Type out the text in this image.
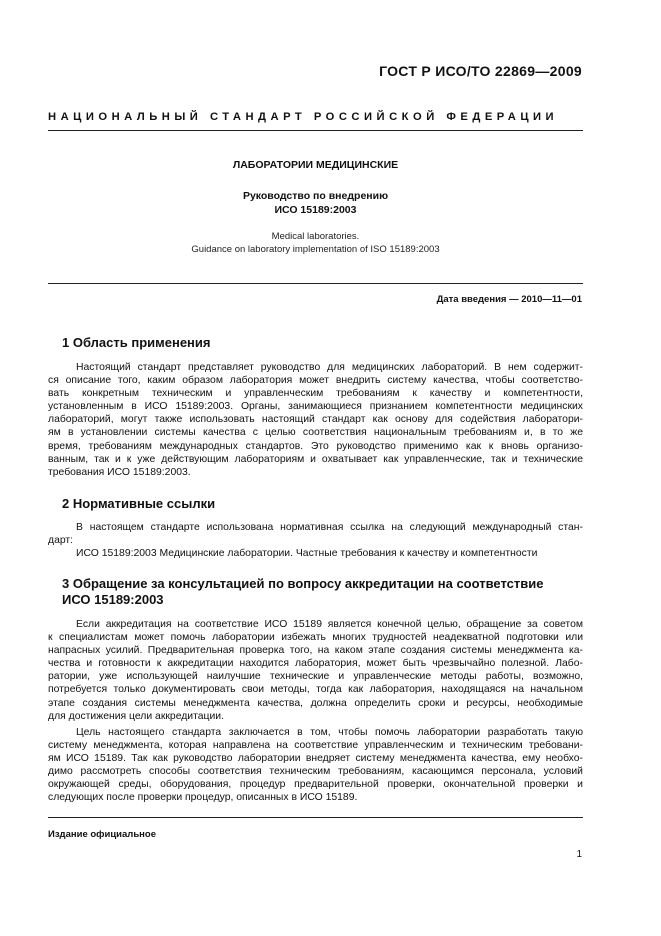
ГОСТ Р ИСО/ТО 22869—2009
НАЦИОНАЛЬНЫЙ СТАНДАРТ РОССИЙСКОЙ ФЕДЕРАЦИИ
ЛАБОРАТОРИИ МЕДИЦИНСКИЕ
Руководство по внедрению
ИСО 15189:2003
Medical laboratories.
Guidance on laboratory implementation of ISO 15189:2003
Дата введения — 2010—11—01
1 Область применения
Настоящий стандарт представляет руководство для медицинских лабораторий. В нем содержит-
ся описание того, каким образом лаборатория может внедрить систему качества, чтобы соответство-
вать конкретным техническим и управленческим требованиям к качеству и компетентности,
установленным в ИСО 15189:2003. Органы, занимающиеся признанием компетентности медицинских
лабораторий, могут также использовать настоящий стандарт как основу для содействия лаборатори-
ям в установлении системы качества с целью соответствия национальным требованиям и, в то же
время, требованиям международных стандартов. Это руководство применимо как к вновь организо-
ванным, так и к уже действующим лабораториям и охватывает как управленческие, так и технические
требования ИСО 15189:2003.
2 Нормативные ссылки
В настоящем стандарте использована нормативная ссылка на следующий международный стан-
дарт:
ИСО 15189:2003 Медицинские лаборатории. Частные требования к качеству и компетентности
3 Обращение за консультацией по вопросу аккредитации на соответствие
ИСО 15189:2003
Если аккредитация на соответствие ИСО 15189 является конечной целью, обращение за советом
к специалистам может помочь лаборатории избежать многих трудностей неадекватной подготовки или
напрасных усилий. Предварительная проверка того, на каком этапе создания системы менеджмента ка-
чества и готовности к аккредитации находится лаборатория, может быть чрезвычайно полезной. Лабо-
ратории, уже использующей наилучшие технические и управленческие методы работы, возможно,
потребуется только документировать свои методы, тогда как лаборатория, находящаяся на начальном
этапе создания системы менеджмента качества, должна определить сроки и ресурсы, необходимые
для достижения цели аккредитации.
Цель настоящего стандарта заключается в том, чтобы помочь лаборатории разработать такую
систему менеджмента, которая направлена на соответствие управленческим и техническим требовани-
ям ИСО 15189. Так как руководство лаборатории внедряет систему менеджмента качества, ему необхо-
димо рассмотреть способы соответствия техническим требованиям, касающимся персонала, условий
окружающей среды, оборудования, процедур предварительной проверки, окончательной проверки и
следующих после проверки процедур, описанных в ИСО 15189.
Издание официальное
1
